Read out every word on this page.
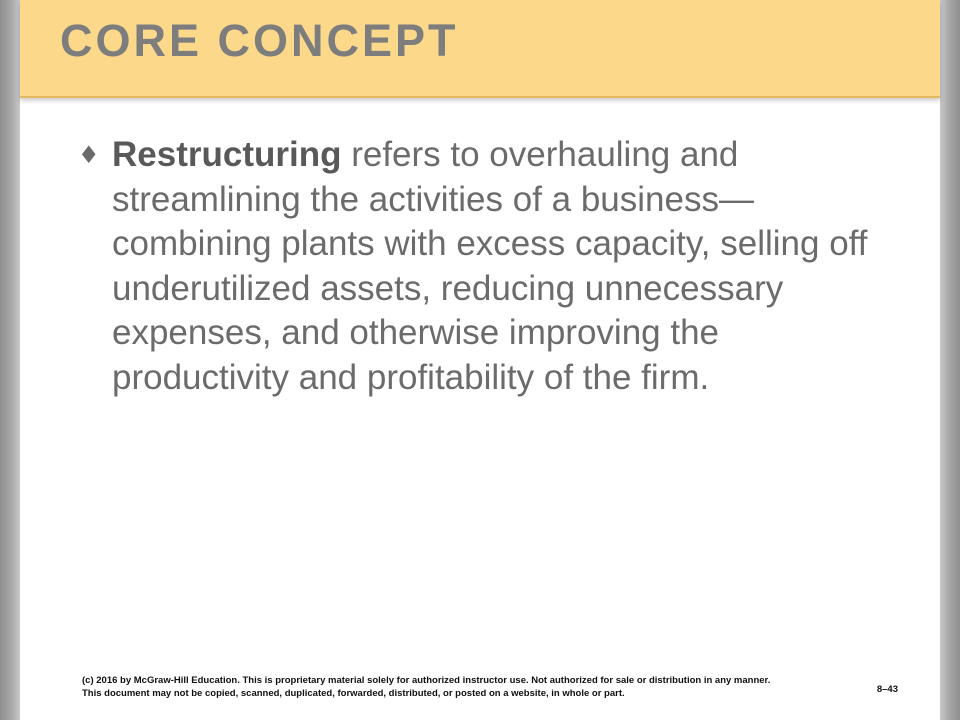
CORE CONCEPT
♦ Restructuring refers to overhauling and streamlining the activities of a business—combining plants with excess capacity, selling off underutilized assets, reducing unnecessary expenses, and otherwise improving the productivity and profitability of the firm.

(c) 2016 by McGraw-Hill Education. This is proprietary material solely for authorized instructor use. Not authorized for sale or distribution in any manner. This document may not be copied, scanned, duplicated, forwarded, distributed, or posted on a website, in whole or part.	8–43
